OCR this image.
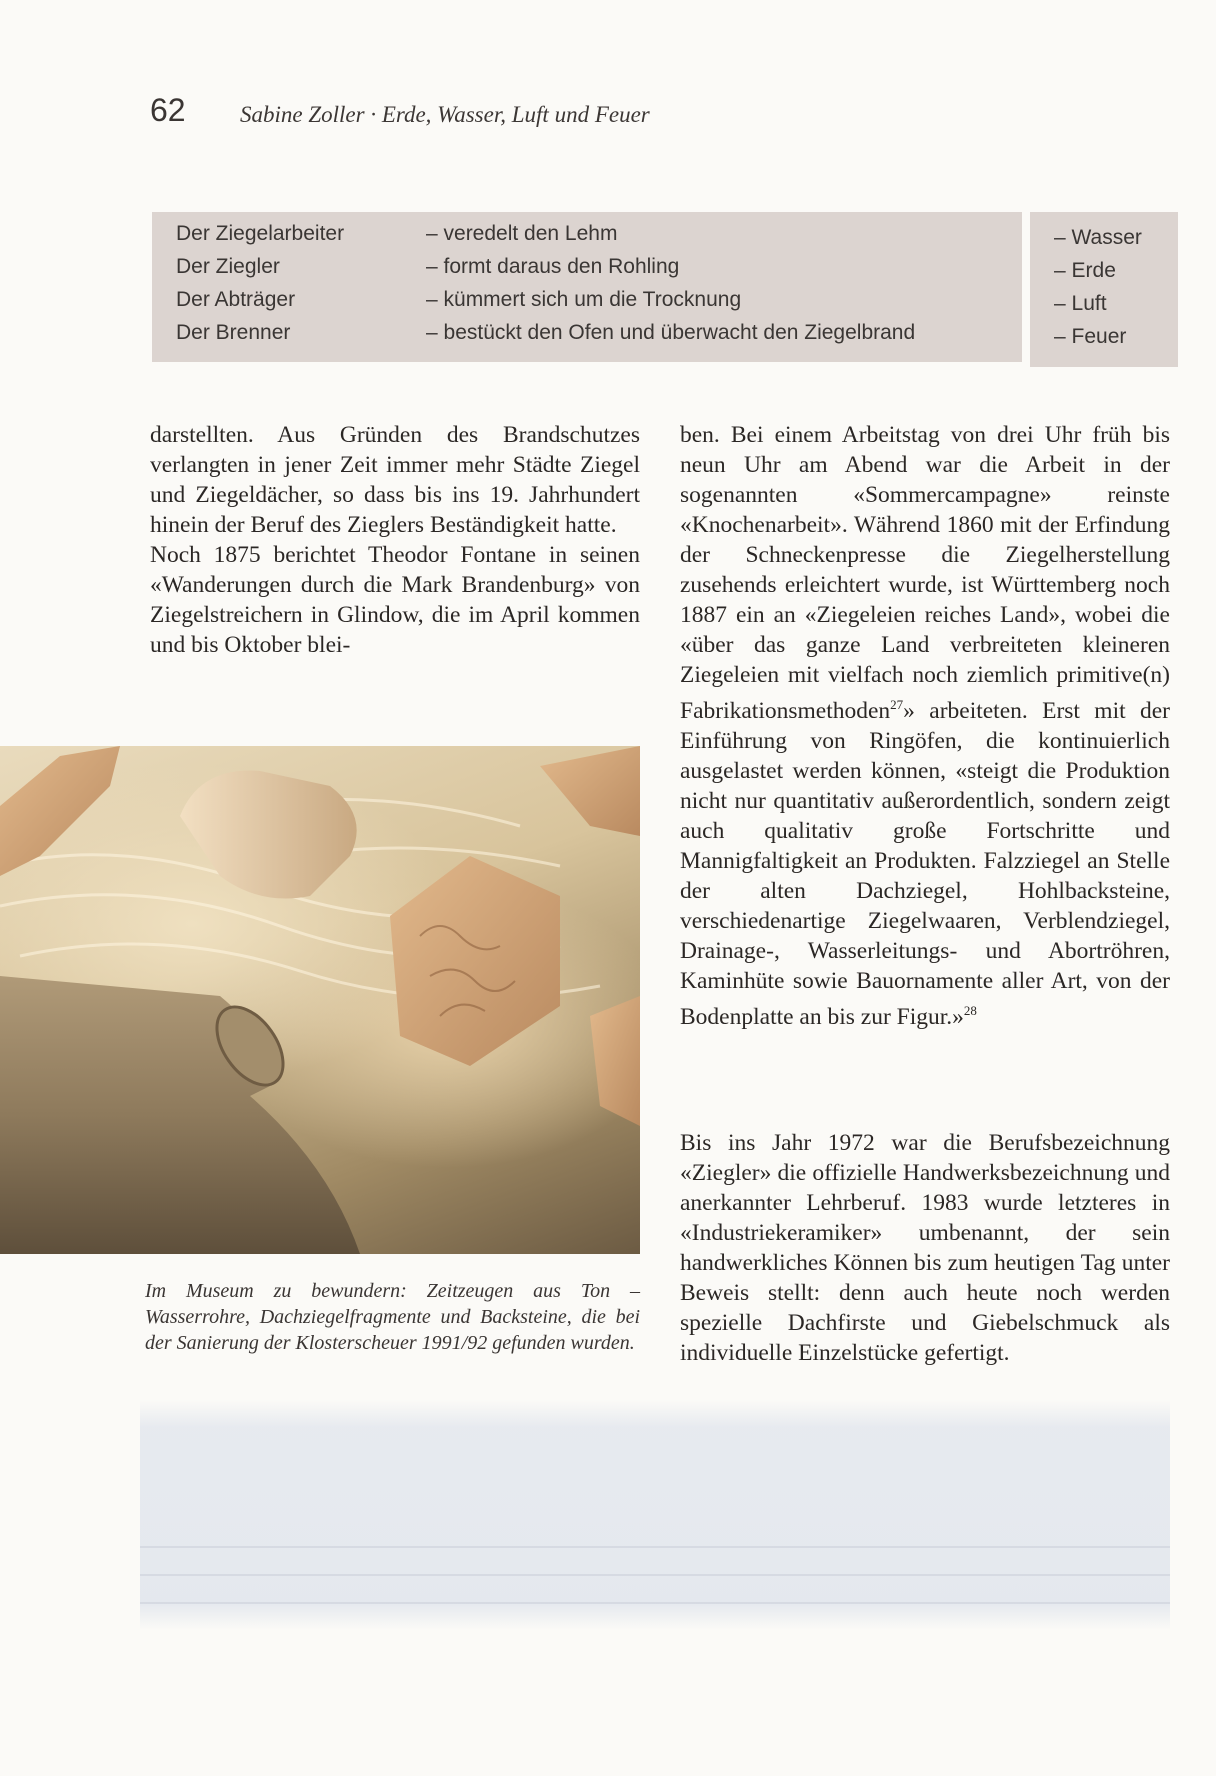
62 Sabine Zoller · Erde, Wasser, Luft und Feuer
Der Ziegelarbeiter	– veredelt den Lehm
Der Ziegler	– formt daraus den Rohling
Der Abträger	– kümmert sich um die Trocknung
Der Brenner	– bestückt den Ofen und überwacht den Ziegelbrand
– Wasser
– Erde
– Luft
– Feuer

darstellten. Aus Gründen des Brandschutzes verlangten in jener Zeit immer mehr Städte Ziegel und Ziegeldächer, so dass bis ins 19. Jahrhundert hinein der Beruf des Zieglers Beständigkeit hatte.

Noch 1875 berichtet Theodor Fontane in seinen «Wanderungen durch die Mark Brandenburg» von Ziegelstreichern in Glindow, die im April kommen und bis Oktober blei-

Im Museum zu bewundern: Zeitzeugen aus Ton – Wasserrohre, Dachziegelfragmente und Backsteine, die bei der Sanierung der Klosterscheuer 1991/92 gefunden wurden.

ben. Bei einem Arbeitstag von drei Uhr früh bis neun Uhr am Abend war die Arbeit in der sogenannten «Sommercampagne» reinste «Knochenarbeit». Während 1860 mit der Erfindung der Schneckenpresse die Ziegelherstellung zusehends erleichtert wurde, ist Württemberg noch 1887 ein an «Ziegeleien reiches Land», wobei die «über das ganze Land verbreiteten kleineren Ziegeleien mit vielfach noch ziemlich primitive(n) Fabrikationsmethoden$^{27}$» arbeiteten. Erst mit der Einführung von Ringöfen, die kontinuierlich ausgelastet werden können, «steigt die Produktion nicht nur quantitativ außerordentlich, sondern zeigt auch qualitativ große Fortschritte und Mannigfaltigkeit an Produkten. Falzziegel an Stelle der alten Dachziegel, Hohlbacksteine, verschiedenartige Ziegelwaaren, Verblendziegel, Drainage-, Wasserleitungs- und Abortröhren, Kaminhüte sowie Bauornamente aller Art, von der Bodenplatte an bis zur Figur.»$^{28}$

Bis ins Jahr 1972 war die Berufsbezeichnung «Ziegler» die offizielle Handwerksbezeichnung und anerkannter Lehrberuf. 1983 wurde letzteres in «Industriekeramiker» umbenannt, der sein handwerkliches Können bis zum heutigen Tag unter Beweis stellt: denn auch heute noch werden spezielle Dachfirste und Giebelschmuck als individuelle Einzelstücke gefertigt.
